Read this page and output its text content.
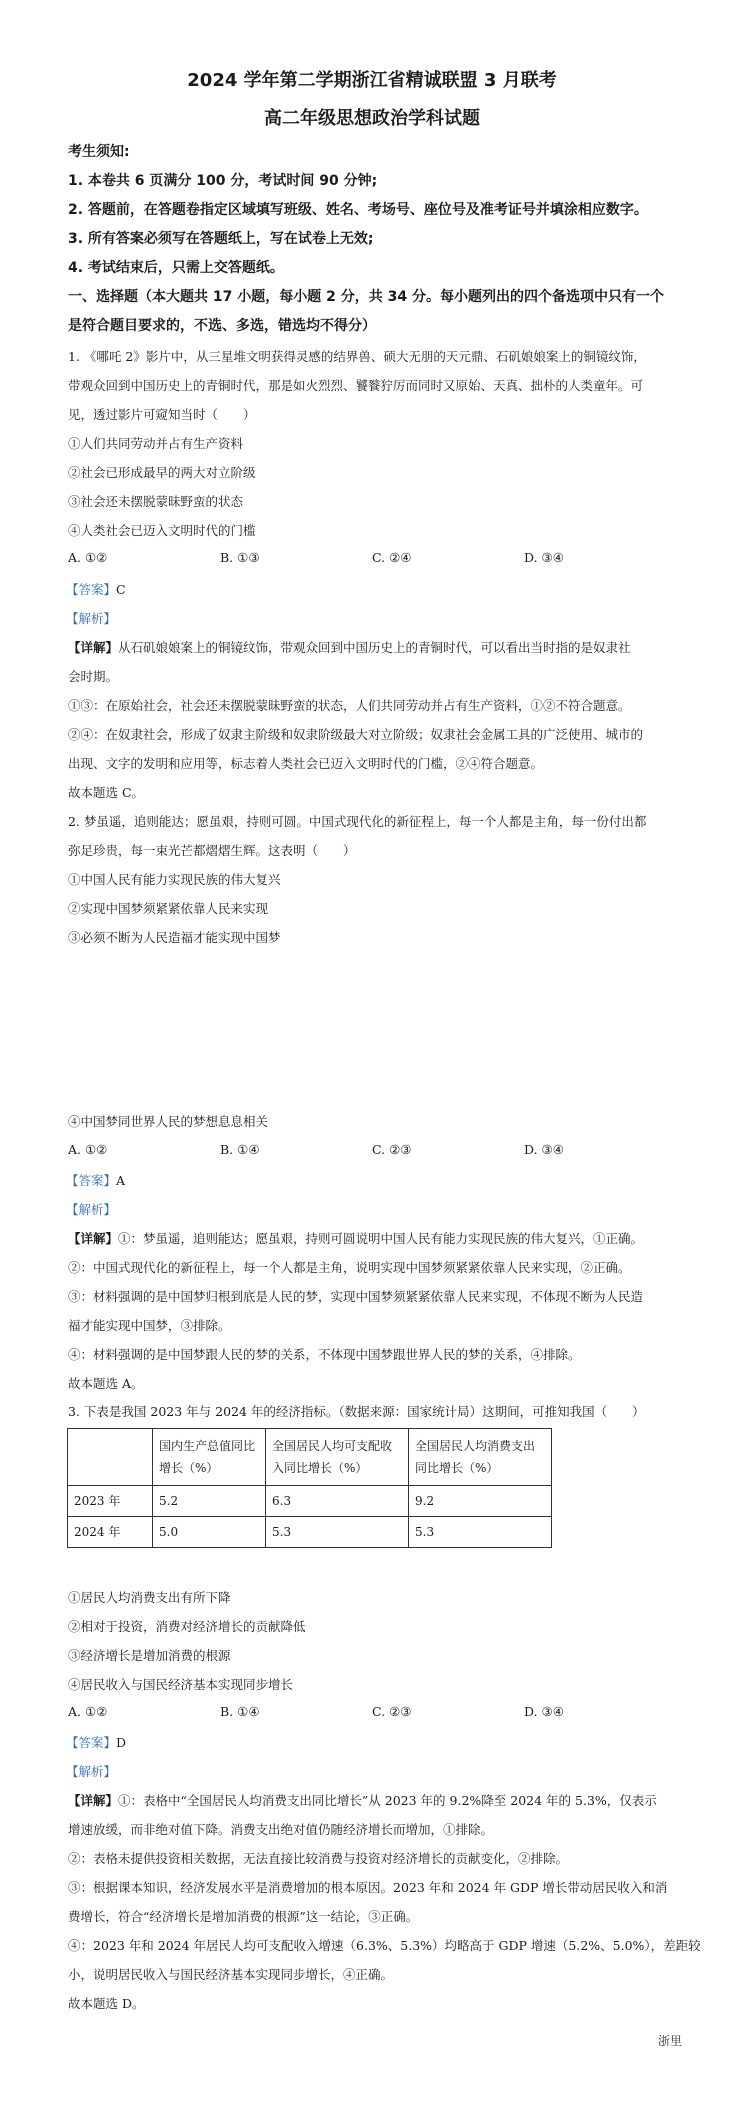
2024 学年第二学期浙江省精诚联盟 3 月联考
高二年级思想政治学科试题
考生须知:
1. 本卷共 6 页满分 100 分，考试时间 90 分钟;
2. 答题前，在答题卷指定区域填写班级、姓名、考场号、座位号及准考证号并填涂相应数字。
3. 所有答案必须写在答题纸上，写在试卷上无效;
4. 考试结束后，只需上交答题纸。
一、选择题（本大题共 17 小题，每小题 2 分，共 34 分。每小题列出的四个备选项中只有一个
是符合题目要求的，不选、多选，错选均不得分）
1. 《哪吒 2》影片中，从三星堆文明获得灵感的结界兽、硕大无朋的天元鼎、石矶娘娘案上的铜镜纹饰，
带观众回到中国历史上的青铜时代，那是如火烈烈、饕餮狞厉而同时又原始、天真、拙朴的人类童年。可
见，透过影片可窥知当时（　　）
①人们共同劳动并占有生产资料
②社会已形成最早的两大对立阶级
③社会还未摆脱蒙昧野蛮的状态
④人类社会已迈入文明时代的门槛
A. ①②	B. ①③	C. ②④	D. ③④
【答案】C
【解析】
【详解】从石矶娘娘案上的铜镜纹饰，带观众回到中国历史上的青铜时代，可以看出当时指的是奴隶社
会时期。
①③：在原始社会，社会还未摆脱蒙昧野蛮的状态，人们共同劳动并占有生产资料，①②不符合题意。
②④：在奴隶社会，形成了奴隶主阶级和奴隶阶级最大对立阶级；奴隶社会金属工具的广泛使用、城市的
出现、文字的发明和应用等，标志着人类社会已迈入文明时代的门槛，②④符合题意。
故本题选 C。
2. 梦虽遥，追则能达；愿虽艰，持则可圆。中国式现代化的新征程上，每一个人都是主角，每一份付出都
弥足珍贵，每一束光芒都熠熠生辉。这表明（　　）
①中国人民有能力实现民族的伟大复兴
②实现中国梦须紧紧依靠人民来实现
③必须不断为人民造福才能实现中国梦
④中国梦同世界人民的梦想息息相关
A. ①②	B. ①④	C. ②③	D. ③④
【答案】A
【解析】
【详解】①：梦虽遥，追则能达；愿虽艰，持则可圆说明中国人民有能力实现民族的伟大复兴，①正确。
②：中国式现代化的新征程上，每一个人都是主角，说明实现中国梦须紧紧依靠人民来实现，②正确。
③：材料强调的是中国梦归根到底是人民的梦，实现中国梦须紧紧依靠人民来实现，不体现不断为人民造
福才能实现中国梦，③排除。
④：材料强调的是中国梦跟人民的梦的关系，不体现中国梦跟世界人民的梦的关系，④排除。
故本题选 A。
3. 下表是我国 2023 年与 2024 年的经济指标。（数据来源：国家统计局）这期间，可推知我国（　　）
	国内生产总值同比增长（%）	全国居民人均可支配收入同比增长（%）	全国居民人均消费支出同比增长（%）
2023 年	5.2	6.3	9.2
2024 年	5.0	5.3	5.3
①居民人均消费支出有所下降
②相对于投资，消费对经济增长的贡献降低
③经济增长是增加消费的根源
④居民收入与国民经济基本实现同步增长
A. ①②	B. ①④	C. ②③	D. ③④
【答案】D
【解析】
【详解】①：表格中“全国居民人均消费支出同比增长”从 2023 年的 9.2%降至 2024 年的 5.3%，仅表示
增速放缓，而非绝对值下降。消费支出绝对值仍随经济增长而增加，①排除。
②：表格未提供投资相关数据，无法直接比较消费与投资对经济增长的贡献变化，②排除。
③：根据课本知识，经济发展水平是消费增加的根本原因。2023 年和 2024 年 GDP 增长带动居民收入和消
费增长，符合“经济增长是增加消费的根源”这一结论，③正确。
④：2023 年和 2024 年居民人均可支配收入增速（6.3%、5.3%）均略高于 GDP 增速（5.2%、5.0%），差距较
小，说明居民收入与国民经济基本实现同步增长，④正确。
故本题选 D。
浙里
